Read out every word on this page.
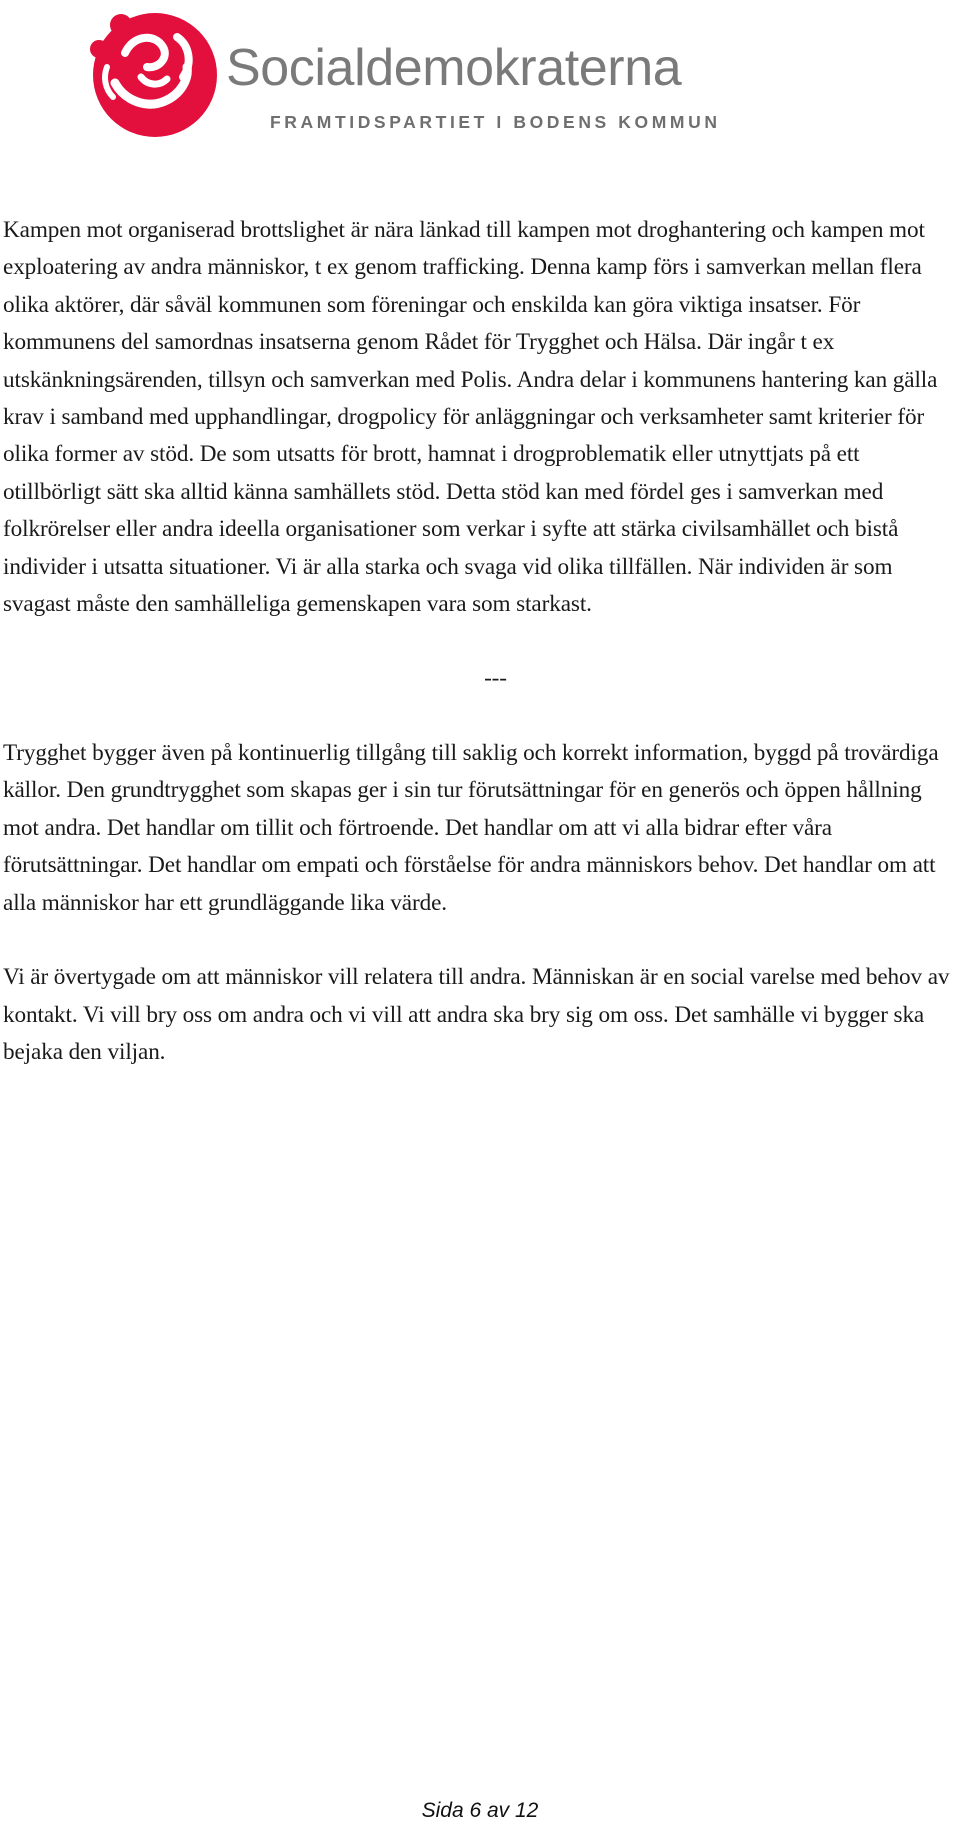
Socialdemokraterna
FRAMTIDSPARTIET I BODENS KOMMUN

Kampen mot organiserad brottslighet är nära länkad till kampen mot droghantering och kampen mot exploatering av andra människor, t ex genom trafficking. Denna kamp förs i samverkan mellan flera olika aktörer, där såväl kommunen som föreningar och enskilda kan göra viktiga insatser. För kommunens del samordnas insatserna genom Rådet för Trygghet och Hälsa. Där ingår t ex utskänkningsärenden, tillsyn och samverkan med Polis. Andra delar i kommunens hantering kan gälla krav i samband med upphandlingar, drogpolicy för anläggningar och verksamheter samt kriterier för olika former av stöd. De som utsatts för brott, hamnat i drogproblematik eller utnyttjats på ett otillbörligt sätt ska alltid känna samhällets stöd. Detta stöd kan med fördel ges i samverkan med folkrörelser eller andra ideella organisationer som verkar i syfte att stärka civilsamhället och bistå individer i utsatta situationer. Vi är alla starka och svaga vid olika tillfällen. När individen är som svagast måste den samhälleliga gemenskapen vara som starkast.

---

Trygghet bygger även på kontinuerlig tillgång till saklig och korrekt information, byggd på trovärdiga källor. Den grundtrygghet som skapas ger i sin tur förutsättningar för en generös och öppen hållning mot andra. Det handlar om tillit och förtroende. Det handlar om att vi alla bidrar efter våra förutsättningar. Det handlar om empati och förståelse för andra människors behov. Det handlar om att alla människor har ett grundläggande lika värde.

Vi är övertygade om att människor vill relatera till andra. Människan är en social varelse med behov av kontakt. Vi vill bry oss om andra och vi vill att andra ska bry sig om oss. Det samhälle vi bygger ska bejaka den viljan.

Sida 6 av 12
